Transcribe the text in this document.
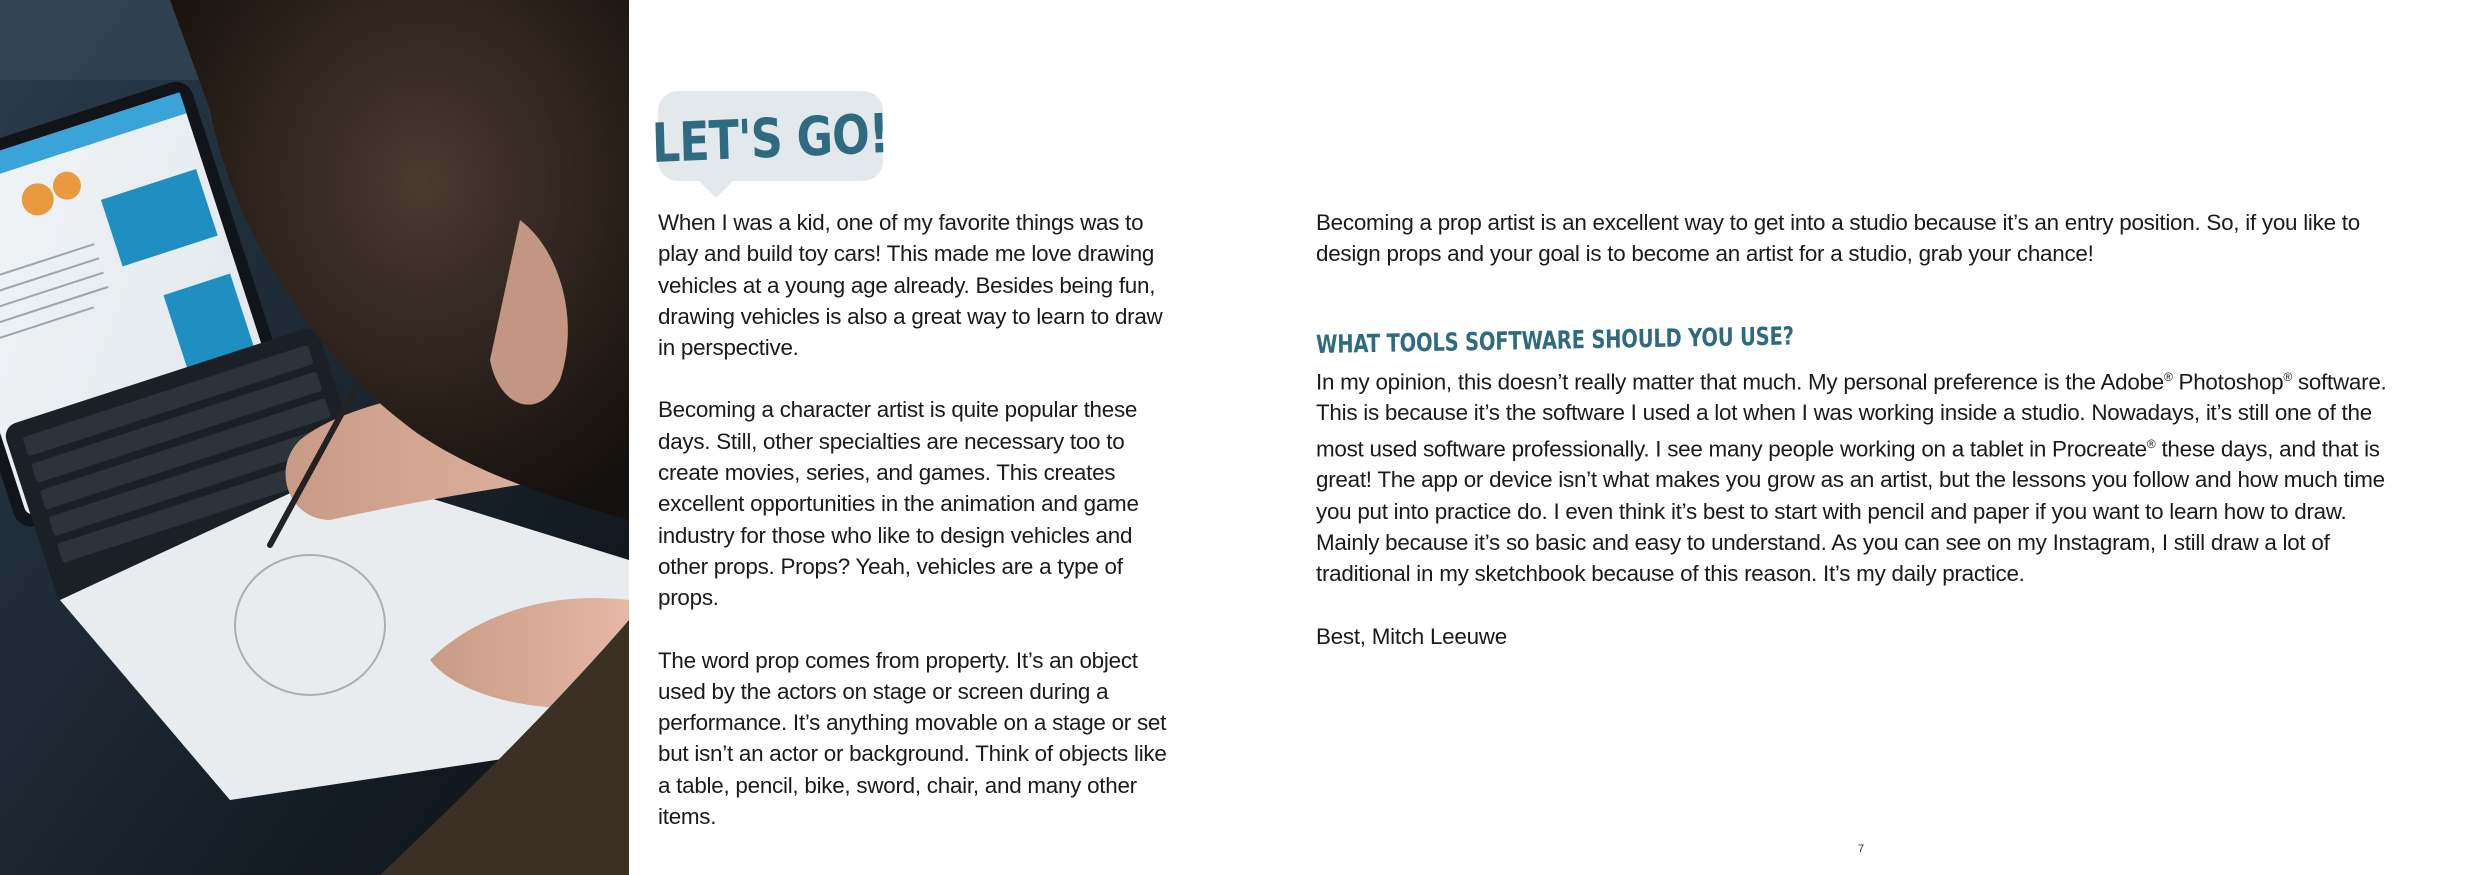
LET'S GO!

When I was a kid, one of my favorite things was to play and build toy cars! This made me love drawing vehicles at a young age already. Besides being fun, drawing vehicles is also a great way to learn to draw in perspective.

Becoming a character artist is quite popular these days. Still, other specialties are necessary too to create movies, series, and games. This creates excellent opportunities in the animation and game industry for those who like to design vehicles and other props. Props? Yeah, vehicles are a type of props.

The word prop comes from property. It’s an object used by the actors on stage or screen during a performance. It’s anything movable on a stage or set but isn’t an actor or background. Think of objects like a table, pencil, bike, sword, chair, and many other items.

Becoming a prop artist is an excellent way to get into a studio because it’s an entry position. So, if you like to design props and your goal is to become an artist for a studio, grab your chance!

WHAT TOOLS SOFTWARE SHOULD YOU USE?

In my opinion, this doesn’t really matter that much. My personal preference is the Adobe® Photoshop® software. This is because it’s the software I used a lot when I was working inside a studio. Nowadays, it’s still one of the most used software professionally. I see many people working on a tablet in Procreate® these days, and that is great! The app or device isn’t what makes you grow as an artist, but the lessons you follow and how much time you put into practice do. I even think it’s best to start with pencil and paper if you want to learn how to draw. Mainly because it’s so basic and easy to understand. As you can see on my Instagram, I still draw a lot of traditional in my sketchbook because of this reason. It’s my daily practice.

Best, Mitch Leeuwe

7
